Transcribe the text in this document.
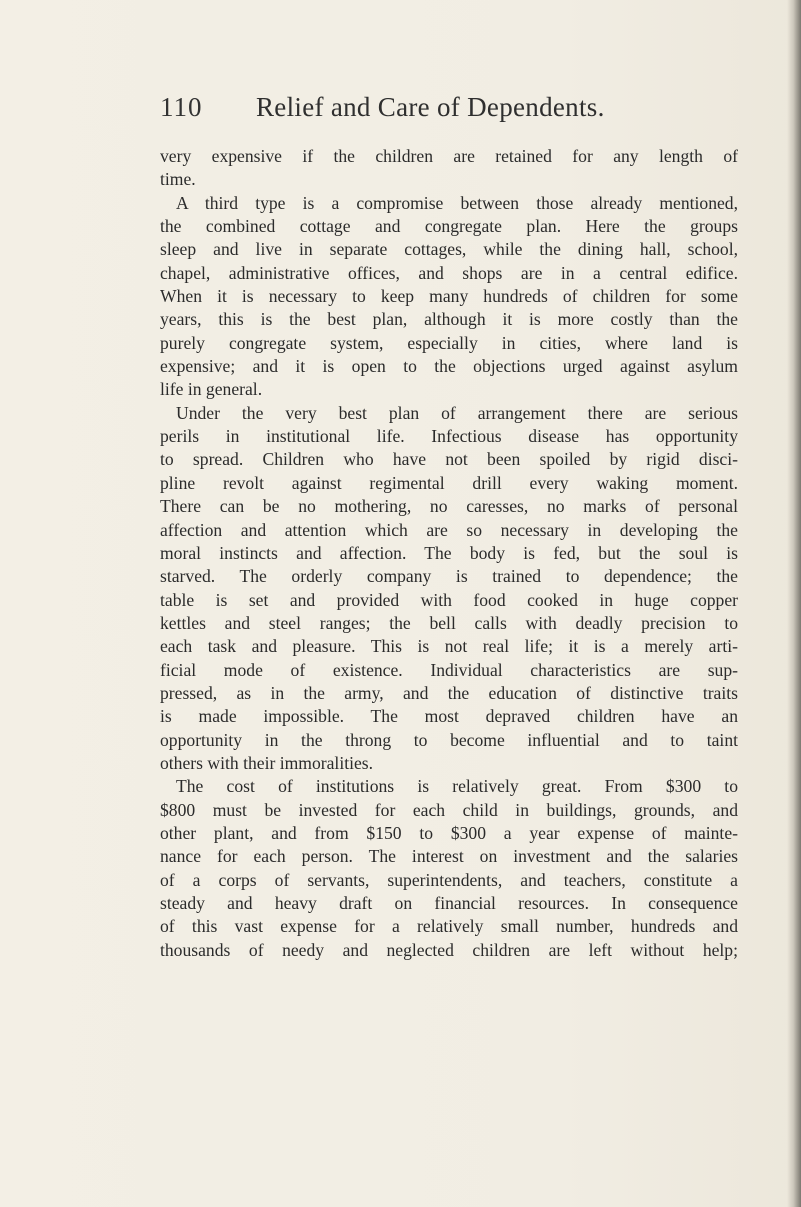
110 Relief and Care of Dependents.
very expensive if the children are retained for any length of
time.
A third type is a compromise between those already mentioned,
the combined cottage and congregate plan. Here the groups
sleep and live in separate cottages, while the dining hall, school,
chapel, administrative offices, and shops are in a central edifice.
When it is necessary to keep many hundreds of children for some
years, this is the best plan, although it is more costly than the
purely congregate system, especially in cities, where land is
expensive; and it is open to the objections urged against asylum
life in general.
Under the very best plan of arrangement there are serious
perils in institutional life. Infectious disease has opportunity
to spread. Children who have not been spoiled by rigid disci-
pline revolt against regimental drill every waking moment.
There can be no mothering, no caresses, no marks of personal
affection and attention which are so necessary in developing the
moral instincts and affection. The body is fed, but the soul is
starved. The orderly company is trained to dependence; the
table is set and provided with food cooked in huge copper
kettles and steel ranges; the bell calls with deadly precision to
each task and pleasure. This is not real life; it is a merely arti-
ficial mode of existence. Individual characteristics are sup-
pressed, as in the army, and the education of distinctive traits
is made impossible. The most depraved children have an
opportunity in the throng to become influential and to taint
others with their immoralities.
The cost of institutions is relatively great. From $300 to
$800 must be invested for each child in buildings, grounds, and
other plant, and from $150 to $300 a year expense of mainte-
nance for each person. The interest on investment and the salaries
of a corps of servants, superintendents, and teachers, constitute a
steady and heavy draft on financial resources. In consequence
of this vast expense for a relatively small number, hundreds and
thousands of needy and neglected children are left without help;
